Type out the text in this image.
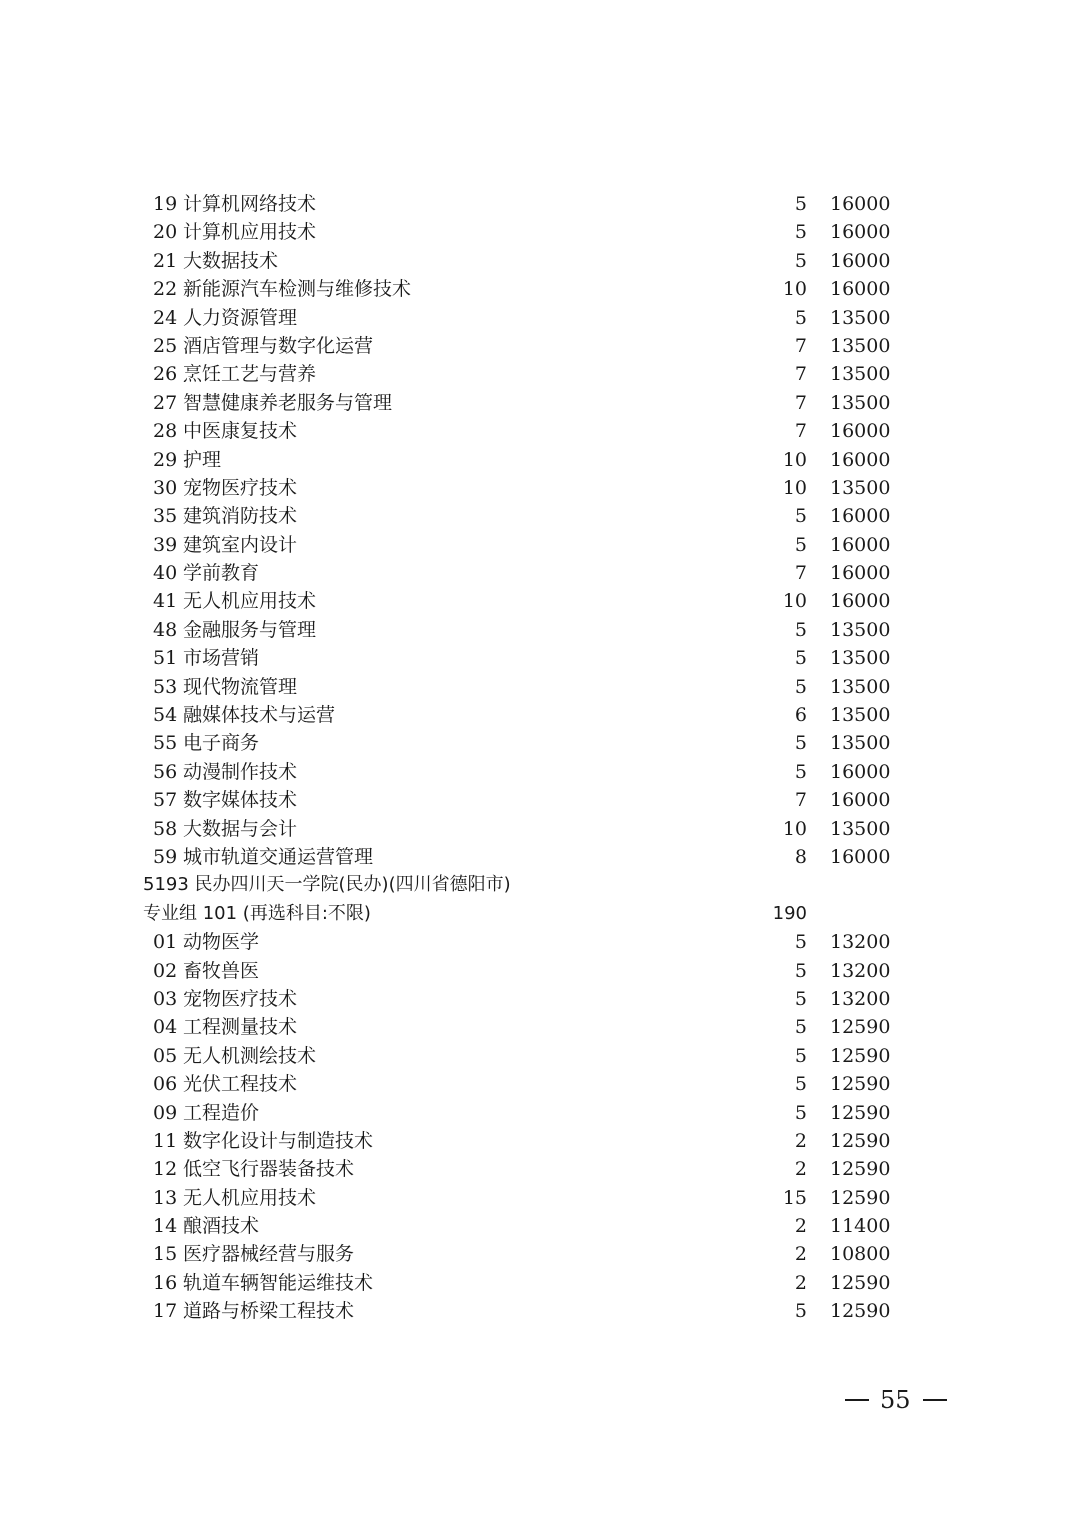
19 计算机网络技术	5 16000
20 计算机应用技术	5 16000
21 大数据技术	5 16000
22 新能源汽车检测与维修技术	10 16000
24 人力资源管理	5 13500
25 酒店管理与数字化运营	7 13500
26 烹饪工艺与营养	7 13500
27 智慧健康养老服务与管理	7 13500
28 中医康复技术	7 16000
29 护理	10 16000
30 宠物医疗技术	10 13500
35 建筑消防技术	5 16000
39 建筑室内设计	5 16000
40 学前教育	7 16000
41 无人机应用技术	10 16000
48 金融服务与管理	5 13500
51 市场营销	5 13500
53 现代物流管理	5 13500
54 融媒体技术与运营	6 13500
55 电子商务	5 13500
56 动漫制作技术	5 16000
57 数字媒体技术	7 16000
58 大数据与会计	10 13500
59 城市轨道交通运营管理	8 16000
5193 民办四川天一学院(民办)(四川省德阳市)
专业组 101 (再选科目:不限)	190
01 动物医学	5 13200
02 畜牧兽医	5 13200
03 宠物医疗技术	5 13200
04 工程测量技术	5 12590
05 无人机测绘技术	5 12590
06 光伏工程技术	5 12590
09 工程造价	5 12590
11 数字化设计与制造技术	2 12590
12 低空飞行器装备技术	2 12590
13 无人机应用技术	15 12590
14 酿酒技术	2 11400
15 医疗器械经营与服务	2 10800
16 轨道车辆智能运维技术	2 12590
17 道路与桥梁工程技术	5 12590
55
